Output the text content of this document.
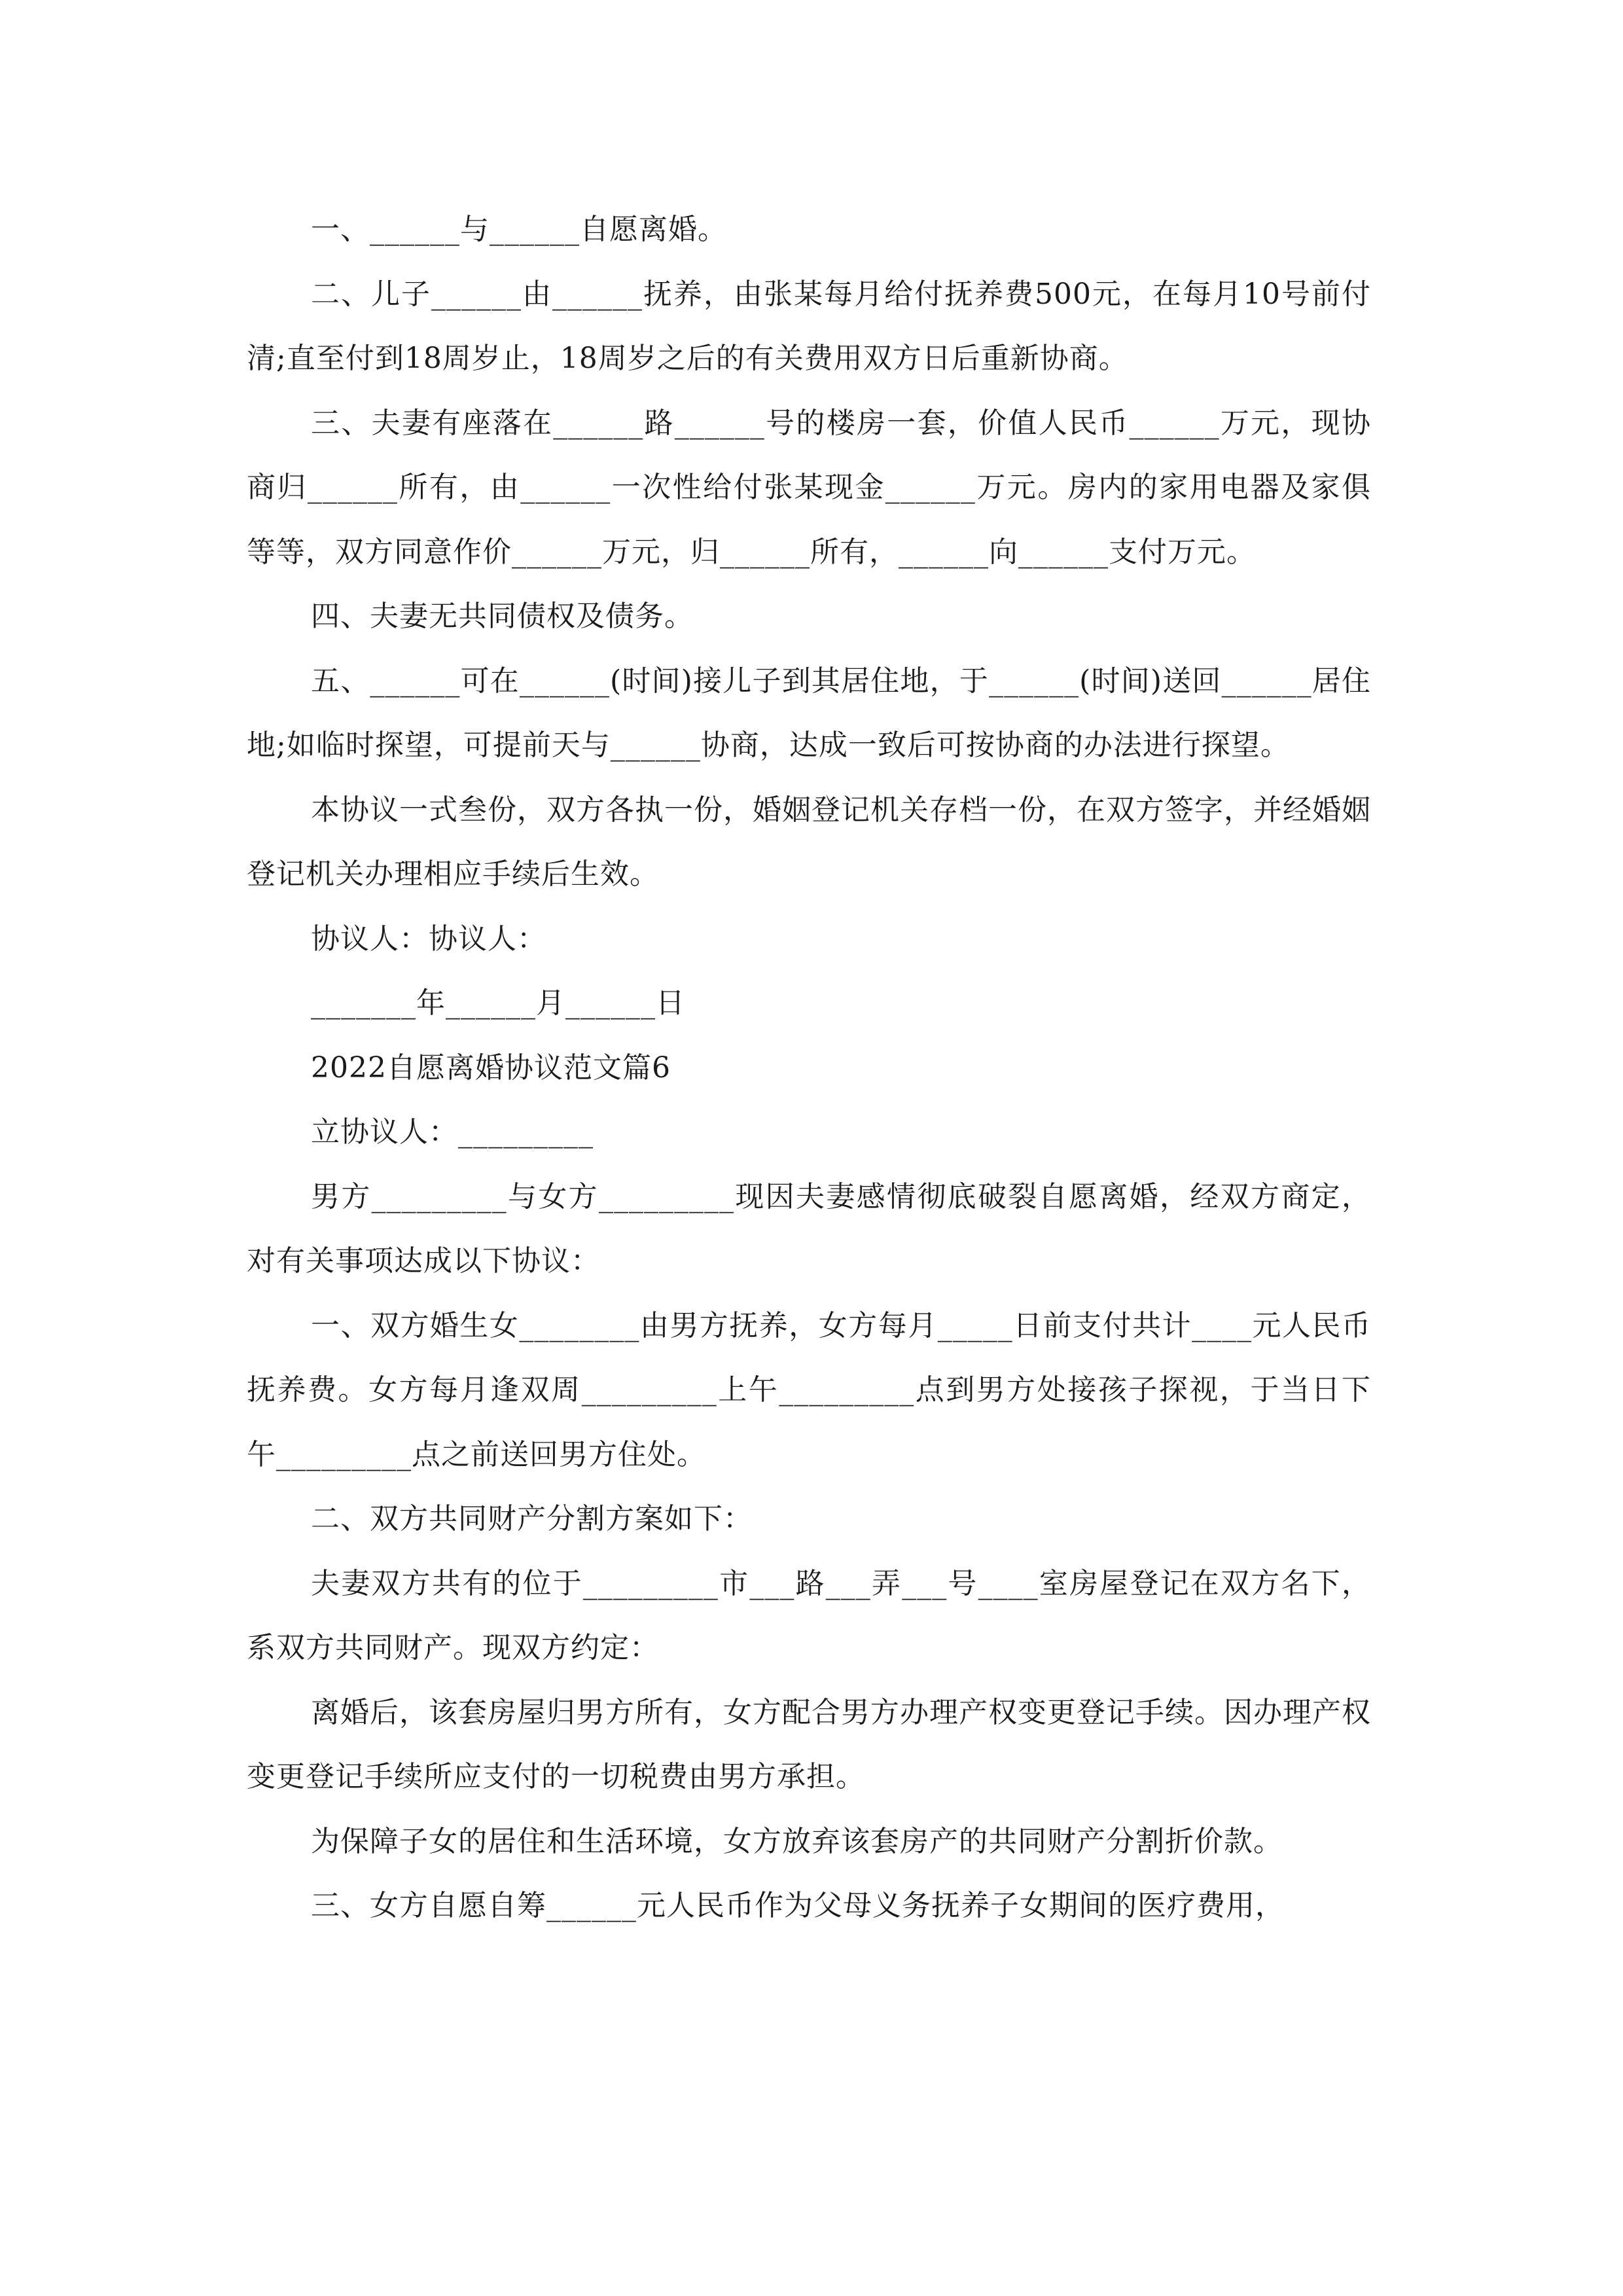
一、______与______自愿离婚。

二、儿子______由______抚养，由张某每月给付抚养费500元，在每月10号前付清;直至付到18周岁止，18周岁之后的有关费用双方日后重新协商。

三、夫妻有座落在______路______号的楼房一套，价值人民币______万元，现协商归______所有，由______一次性给付张某现金______万元。房内的家用电器及家俱等等，双方同意作价______万元，归______所有，______向______支付万元。

四、夫妻无共同债权及债务。

五、______可在______(时间)接儿子到其居住地，于______(时间)送回______居住地;如临时探望，可提前天与______协商，达成一致后可按协商的办法进行探望。

本协议一式叁份，双方各执一份，婚姻登记机关存档一份，在双方签字，并经婚姻登记机关办理相应手续后生效。

协议人：协议人：

_______年______月______日

2022自愿离婚协议范文篇6

立协议人：_________

男方_________与女方_________现因夫妻感情彻底破裂自愿离婚，经双方商定，对有关事项达成以下协议：

一、双方婚生女________由男方抚养，女方每月_____日前支付共计____元人民币抚养费。女方每月逢双周_________上午_________点到男方处接孩子探视，于当日下午_________点之前送回男方住处。

二、双方共同财产分割方案如下：

夫妻双方共有的位于_________市___路___弄___号____室房屋登记在双方名下，系双方共同财产。现双方约定：

离婚后，该套房屋归男方所有，女方配合男方办理产权变更登记手续。因办理产权变更登记手续所应支付的一切税费由男方承担。

为保障子女的居住和生活环境，女方放弃该套房产的共同财产分割折价款。

三、女方自愿自筹______元人民币作为父母义务抚养子女期间的医疗费用，
